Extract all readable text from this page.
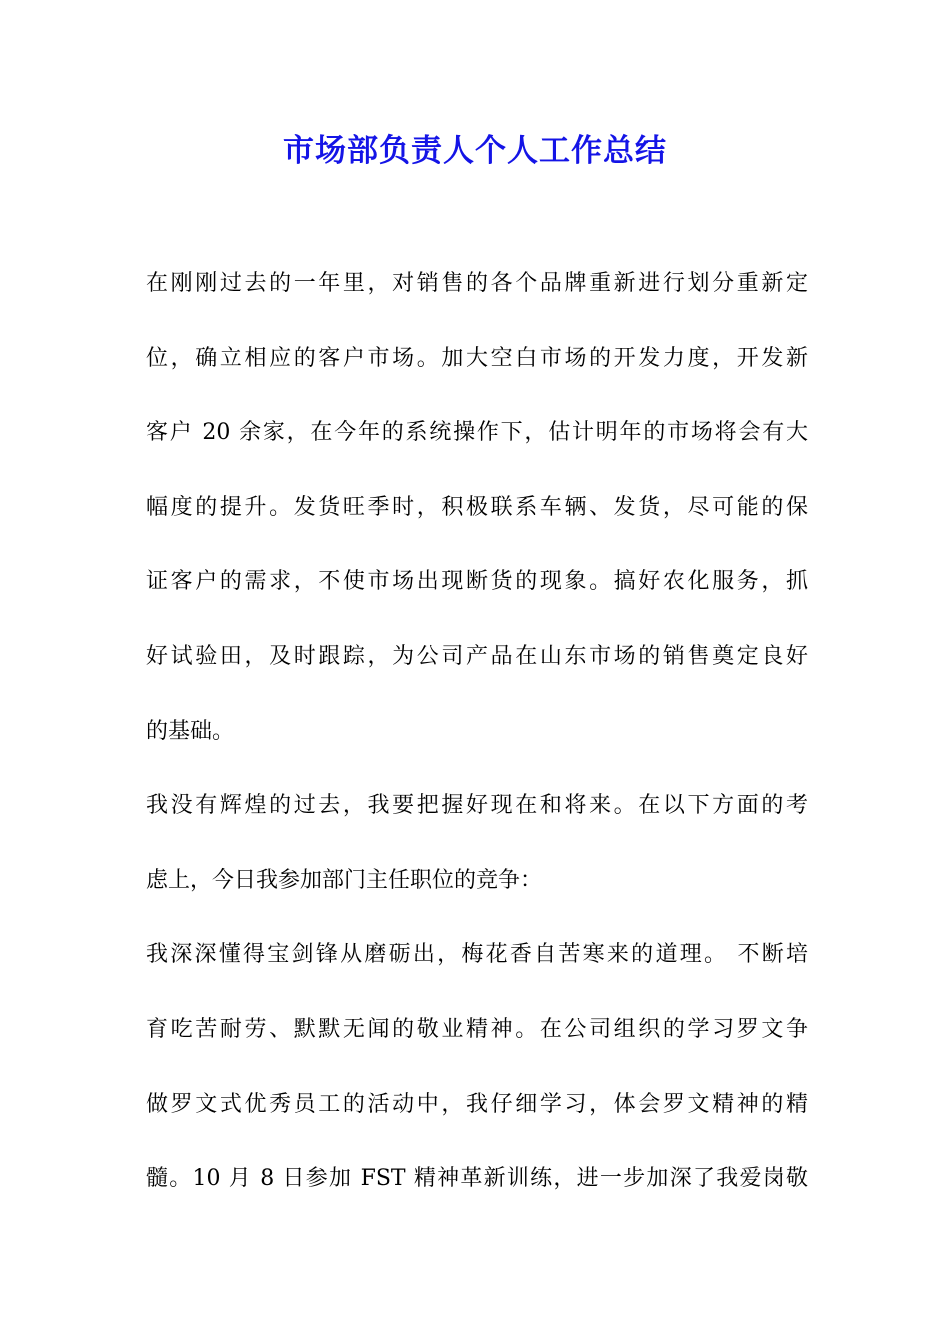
市场部负责人个人工作总结
在刚刚过去的一年里，对销售的各个品牌重新进行划分重新定
位，确立相应的客户市场。加大空白市场的开发力度，开发新
客户 20 余家，在今年的系统操作下，估计明年的市场将会有大
幅度的提升。发货旺季时，积极联系车辆、发货，尽可能的保
证客户的需求，不使市场出现断货的现象。搞好农化服务，抓
好试验田，及时跟踪，为公司产品在山东市场的销售奠定良好
的基础。
我没有辉煌的过去，我要把握好现在和将来。在以下方面的考
虑上，今日我参加部门主任职位的竞争：
我深深懂得宝剑锋从磨砺出，梅花香自苦寒来的道理。 不断培
育吃苦耐劳、默默无闻的敬业精神。在公司组织的学习罗文争
做罗文式优秀员工的活动中，我仔细学习，体会罗文精神的精
髓。10 月 8 日参加 FST 精神革新训练，进一步加深了我爱岗敬
